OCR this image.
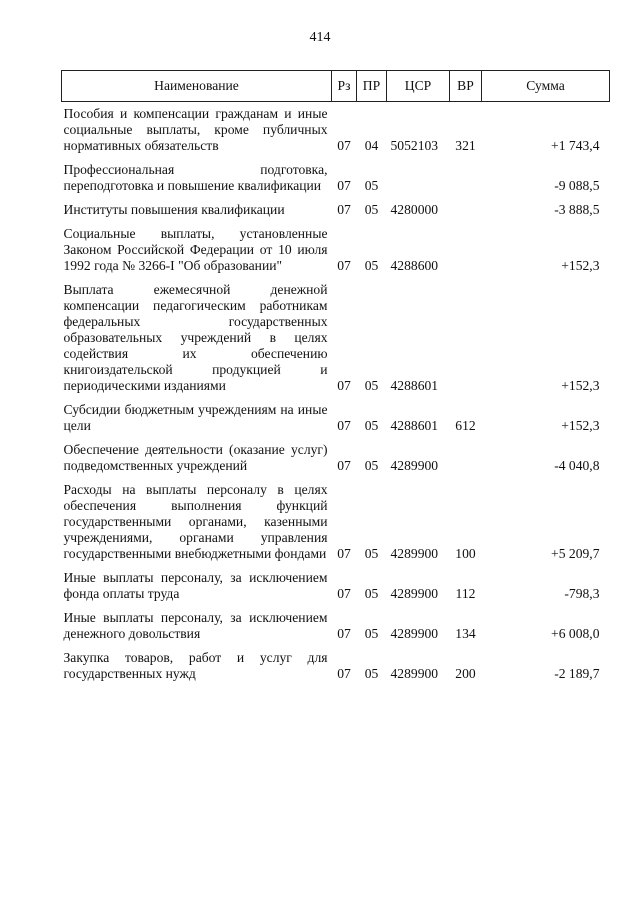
414
Наименование	Рз	ПР	ЦСР	ВР	Сумма
Пособия и компенсации гражданам и иные социальные выплаты, кроме публичных нормативных обязательств	07	04	5052103	321	+1 743,4
Профессиональная подготовка, переподготовка и повышение квалификации	07	05			-9 088,5
Институты повышения квалификации	07	05	4280000		-3 888,5
Социальные выплаты, установленные Законом Российской Федерации от 10 июля 1992 года № 3266-I "Об образовании"	07	05	4288600		+152,3
Выплата ежемесячной денежной компенсации педагогическим работникам федеральных государственных образовательных учреждений в целях содействия их обеспечению книгоиздательской продукцией и периодическими изданиями	07	05	4288601		+152,3
Субсидии бюджетным учреждениям на иные цели	07	05	4288601	612	+152,3
Обеспечение деятельности (оказание услуг) подведомственных учреждений	07	05	4289900		-4 040,8
Расходы на выплаты персоналу в целях обеспечения выполнения функций государственными органами, казенными учреждениями, органами управления государственными внебюджетными фондами	07	05	4289900	100	+5 209,7
Иные выплаты персоналу, за исключением фонда оплаты труда	07	05	4289900	112	-798,3
Иные выплаты персоналу, за исключением денежного довольствия	07	05	4289900	134	+6 008,0
Закупка товаров, работ и услуг для государственных нужд	07	05	4289900	200	-2 189,7
